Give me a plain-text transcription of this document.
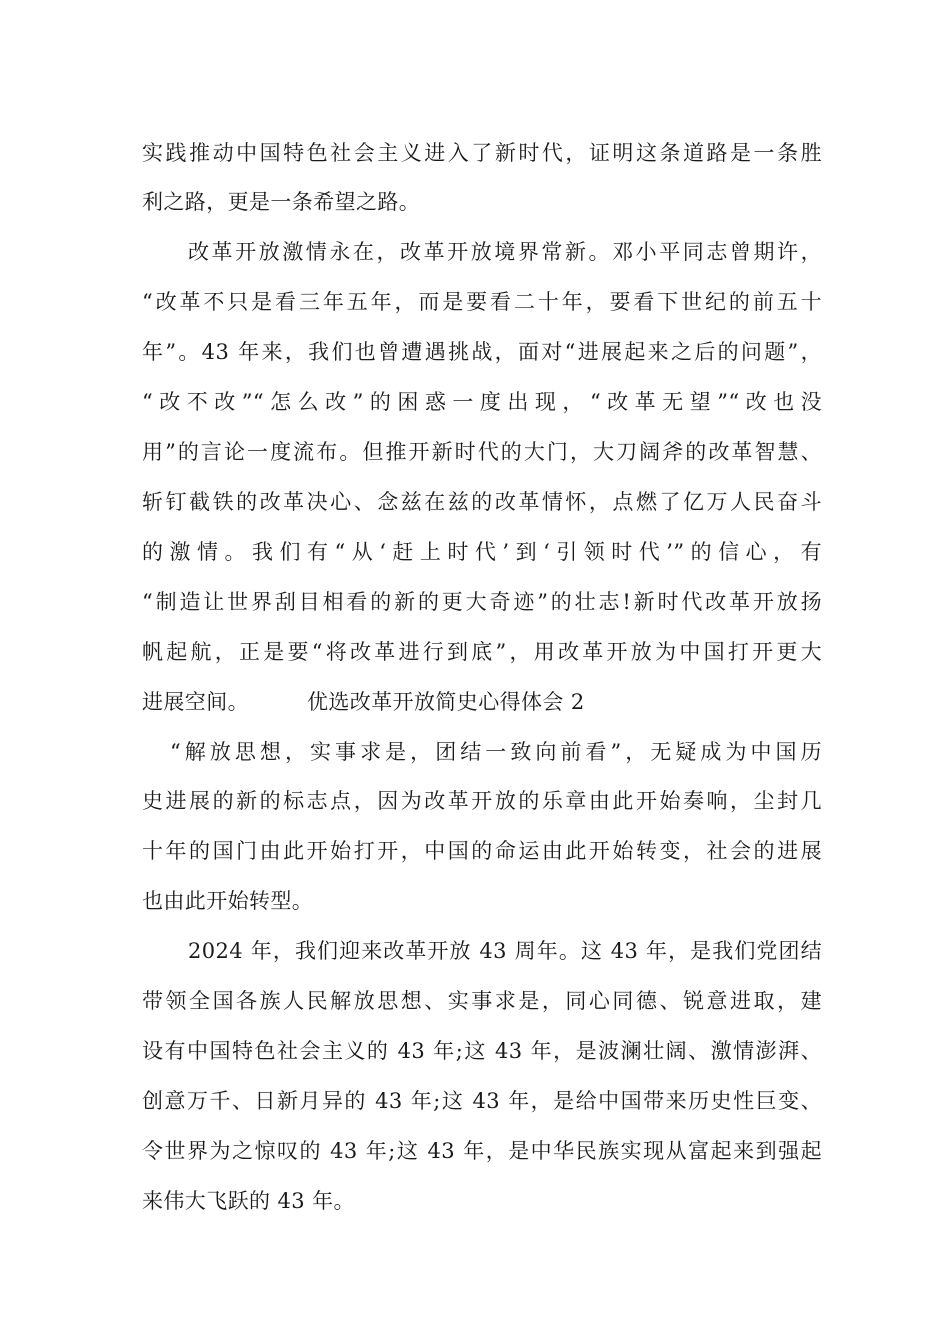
实践推动中国特色社会主义进入了新时代，证明这条道路是一条胜
利之路，更是一条希望之路。
改革开放激情永在，改革开放境界常新。邓小平同志曾期许，
“改革不只是看三年五年，而是要看二十年，要看下世纪的前五十
年”。43 年来，我们也曾遭遇挑战，面对“进展起来之后的问题”，
“改不改”“怎么改”的困惑一度出现，“改革无望”“改也没
用”的言论一度流布。但推开新时代的大门，大刀阔斧的改革智慧、
斩钉截铁的改革决心、念兹在兹的改革情怀，点燃了亿万人民奋斗
的激情。我们有“从‘赶上时代’到‘引领时代’”的信心，有
“制造让世界刮目相看的新的更大奇迹”的壮志!新时代改革开放扬
帆起航，正是要“将改革进行到底”，用改革开放为中国打开更大
进展空间。	优选改革开放简史心得体会 2
“解放思想，实事求是，团结一致向前看”，无疑成为中国历
史进展的新的标志点，因为改革开放的乐章由此开始奏响，尘封几
十年的国门由此开始打开，中国的命运由此开始转变，社会的进展
也由此开始转型。
2024 年，我们迎来改革开放 43 周年。这 43 年，是我们党团结
带领全国各族人民解放思想、实事求是，同心同德、锐意进取，建
设有中国特色社会主义的 43 年;这 43 年，是波澜壮阔、激情澎湃、
创意万千、日新月异的 43 年;这 43 年，是给中国带来历史性巨变、
令世界为之惊叹的 43 年;这 43 年，是中华民族实现从富起来到强起
来伟大飞跃的 43 年。
